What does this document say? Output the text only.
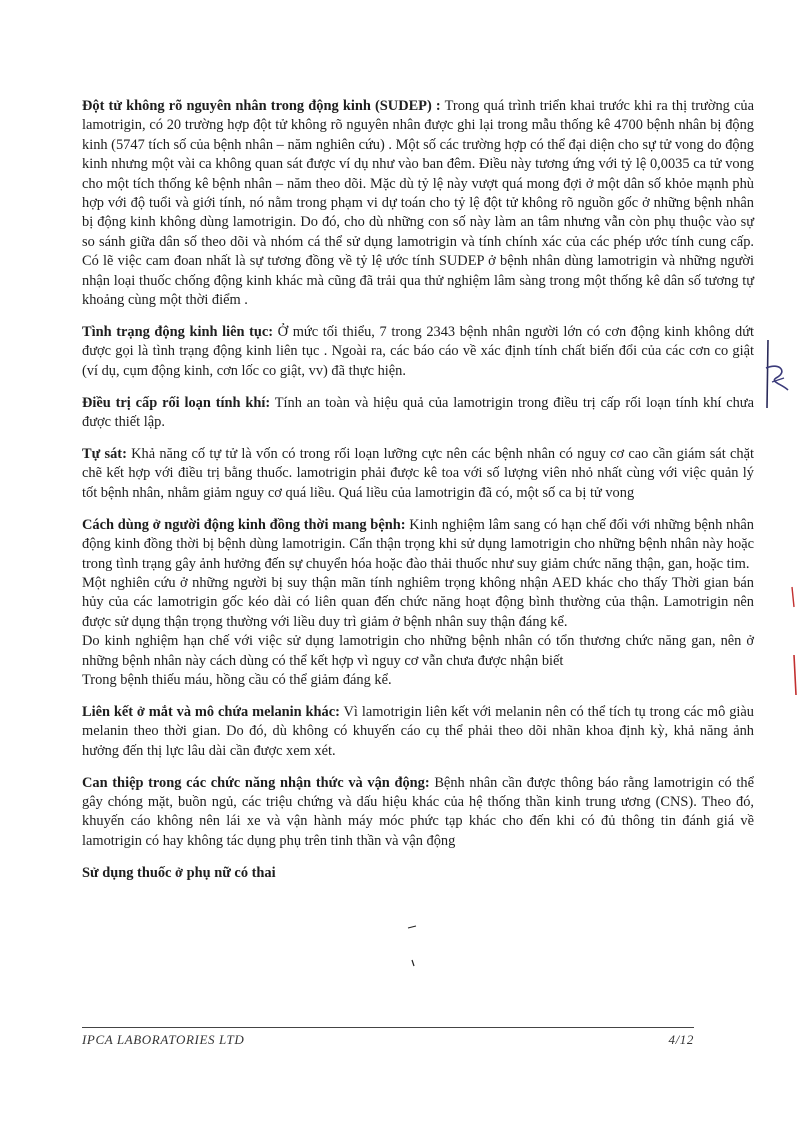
Đột tử không rõ nguyên nhân trong động kinh (SUDEP) : Trong quá trình triển khai trước khi ra thị trường của lamotrigin, có 20 trường hợp đột tử không rõ nguyên nhân được ghi lại trong mẫu thống kê 4700 bệnh nhân bị động kinh (5747 tích số của bệnh nhân – năm nghiên cứu) . Một số các trường hợp có thể đại diện cho sự tử vong do động kinh nhưng một vài ca không quan sát được ví dụ như vào ban đêm. Điều này tương ứng với tỷ lệ 0,0035 ca tử vong cho một tích thống kê bệnh nhân – năm theo dõi. Mặc dù tỷ lệ này vượt quá mong đợi ở một dân số khỏe mạnh phù hợp với độ tuổi và giới tính, nó nằm trong phạm vi dự toán cho tỷ lệ đột tử không rõ nguồn gốc ở những bệnh nhân bị động kinh không dùng lamotrigin. Do đó, cho dù những con số này làm an tâm nhưng vẫn còn phụ thuộc vào sự so sánh giữa dân số theo dõi và nhóm cá thể sử dụng lamotrigin và tính chính xác của các phép ước tính cung cấp. Có lẽ việc cam đoan nhất là sự tương đồng về tỷ lệ ước tính SUDEP ở bệnh nhân dùng lamotrigin và những người nhận loại thuốc chống động kinh khác mà cũng đã trải qua thử nghiệm lâm sàng trong một thống kê dân số tương tự khoảng cùng một thời điểm .

Tình trạng động kinh liên tục: Ở mức tối thiểu, 7 trong 2343 bệnh nhân người lớn có cơn động kinh không dứt được gọi là tình trạng động kinh liên tục . Ngoài ra, các báo cáo về xác định tính chất biến đổi của các cơn co giật (ví dụ, cụm động kinh, cơn lốc co giật, vv) đã thực hiện.

Điều trị cấp rối loạn tính khí: Tính an toàn và hiệu quả của lamotrigin trong điều trị cấp rối loạn tính khí chưa được thiết lập.

Tự sát: Khả năng cố tự tử là vốn có trong rối loạn lưỡng cực nên các bệnh nhân có nguy cơ cao cần giám sát chặt chẽ kết hợp với điều trị bằng thuốc. lamotrigin phải được kê toa với số lượng viên nhỏ nhất cùng với việc quản lý tốt bệnh nhân, nhằm giảm nguy cơ quá liều. Quá liều của lamotrigin đã có, một số ca bị tử vong

Cách dùng ở người động kinh đồng thời mang bệnh: Kinh nghiệm lâm sang có hạn chế đối với những bệnh nhân động kinh đồng thời bị bệnh dùng lamotrigin. Cẩn thận trọng khi sử dụng lamotrigin cho những bệnh nhân này hoặc trong tình trạng gây ảnh hưởng đến sự chuyển hóa hoặc đào thải thuốc như suy giảm chức năng thận, gan, hoặc tim.

Một nghiên cứu ở những người bị suy thận mãn tính nghiêm trọng không nhận AED khác cho thấy Thời gian bán hủy của các lamotrigin gốc kéo dài có liên quan đến chức năng hoạt động bình thường của thận. Lamotrigin nên được sử dụng thận trọng thường với liều duy trì giảm ở bệnh nhân suy thận đáng kể.

Do kinh nghiệm hạn chế với việc sử dụng lamotrigin cho những bệnh nhân có tổn thương chức năng gan, nên ở những bệnh nhân này cách dùng có thể kết hợp vì nguy cơ vẫn chưa được nhận biết

Trong bệnh thiếu máu, hồng cầu có thể giảm đáng kể.

Liên kết ở mắt và mô chứa melanin khác: Vì lamotrigin liên kết với melanin nên có thể tích tụ trong các mô giàu melanin theo thời gian. Do đó, dù không có khuyến cáo cụ thể phải theo dõi nhãn khoa định kỳ, khả năng ảnh hưởng đến thị lực lâu dài cần được xem xét.

Can thiệp trong các chức năng nhận thức và vận động: Bệnh nhân cần được thông báo rằng lamotrigin có thể gây chóng mặt, buồn ngủ, các triệu chứng và dấu hiệu khác của hệ thống thần kinh trung ương (CNS). Theo đó, khuyến cáo không nên lái xe và vận hành máy móc phức tạp khác cho đến khi có đủ thông tin đánh giá về lamotrigin có hay không tác dụng phụ trên tinh thần và vận động

Sử dụng thuốc ở phụ nữ có thai

IPCA LABORATORIES LTD	4/12
